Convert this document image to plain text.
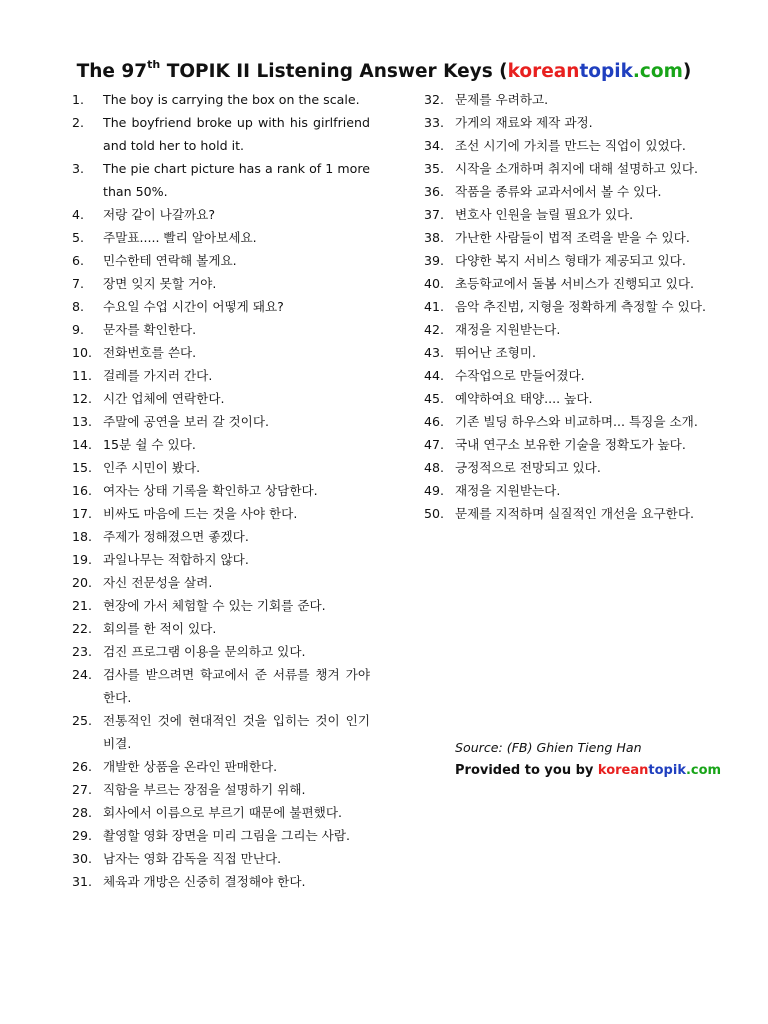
The 97th TOPIK II Listening Answer Keys (koreantopik.com)
1. The boy is carrying the box on the scale.
2. The boyfriend broke up with his girlfriend and told her to hold it.
3. The pie chart picture has a rank of 1 more than 50%.
4. 저랑 같이 나갈까요?
5. 주말표..... 빨리 알아보세요.
6. 민수한테 연락해 볼게요.
7. 장면 잊지 못할 거야.
8. 수요일 수업 시간이 어떻게 돼요?
9. 문자를 확인한다.
10. 전화번호를 쓴다.
11. 걸레를 가지러 간다.
12. 시간 업체에 연락한다.
13. 주말에 공연을 보러 갈 것이다.
14. 15분 쉴 수 있다.
15. 인주 시민이 봤다.
16. 여자는 상태 기록을 확인하고 상담한다.
17. 비싸도 마음에 드는 것을 사야 한다.
18. 주제가 정해졌으면 좋겠다.
19. 과일나무는 적합하지 않다.
20. 자신 전문성을 살려.
21. 현장에 가서 체험할 수 있는 기회를 준다.
22. 회의를 한 적이 있다.
23. 검진 프로그램 이용을 문의하고 있다.
24. 검사를 받으려면 학교에서 준 서류를 챙겨 가야 한다.
25. 전통적인 것에 현대적인 것을 입히는 것이 인기 비결.
26. 개발한 상품을 온라인 판매한다.
27. 직함을 부르는 장점을 설명하기 위해.
28. 회사에서 이름으로 부르기 때문에 불편했다.
29. 촬영할 영화 장면을 미리 그림을 그리는 사람.
30. 남자는 영화 감독을 직접 만난다.
31. 체육과 개방은 신중히 결정해야 한다.
32. 문제를 우려하고.
33. 가게의 재료와 제작 과정.
34. 조선 시기에 가치를 만드는 직업이 있었다.
35. 시작을 소개하며 취지에 대해 설명하고 있다.
36. 작품을 종류와 교과서에서 볼 수 있다.
37. 변호사 인원을 늘릴 필요가 있다.
38. 가난한 사람들이 법적 조력을 받을 수 있다.
39. 다양한 복지 서비스 형태가 제공되고 있다.
40. 초등학교에서 돌봄 서비스가 진행되고 있다.
41. 음악 추진범, 지형을 정확하게 측정할 수 있다.
42. 재정을 지원받는다.
43. 뛰어난 조형미.
44. 수작업으로 만들어졌다.
45. 예약하여요 태양.... 높다.
46. 기존 빌딩 하우스와 비교하며... 특징을 소개.
47. 국내 연구소 보유한 기술을 정확도가 높다.
48. 긍정적으로 전망되고 있다.
49. 재정을 지원받는다.
50. 문제를 지적하며 실질적인 개선을 요구한다.
Source: (FB) Ghien Tieng Han
Provided to you by koreantopik.com
